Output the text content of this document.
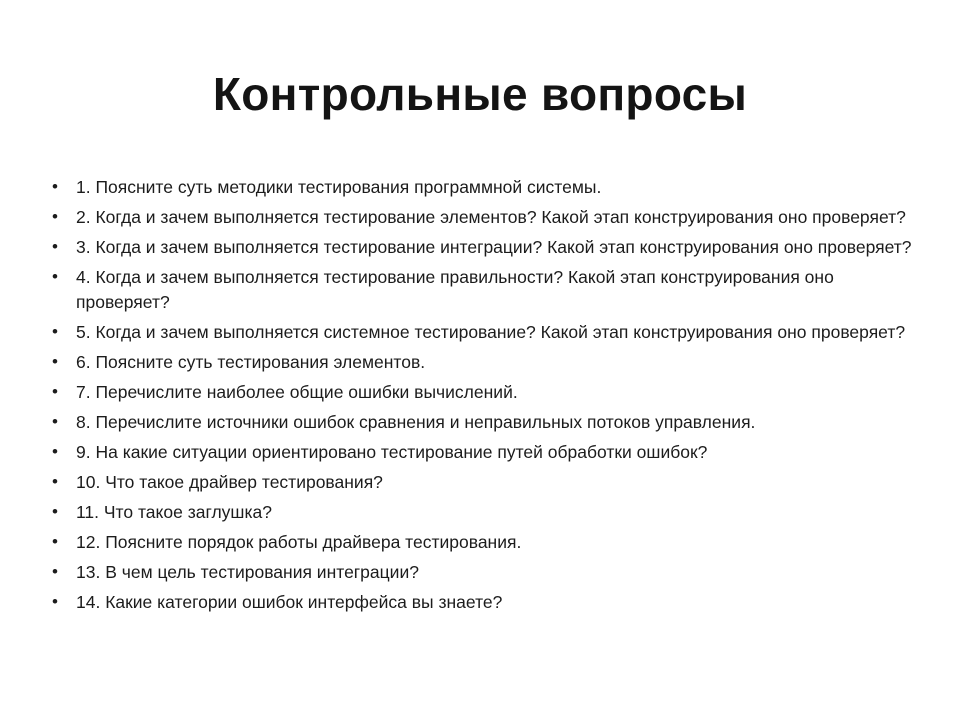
Контрольные вопросы
• 1. Поясните суть методики тестирования программной системы.
• 2. Когда и зачем выполняется тестирование элементов? Какой этап конструирования оно проверяет?
• 3. Когда и зачем выполняется тестирование интеграции? Какой этап конструирования оно проверяет?
• 4. Когда и зачем выполняется тестирование правильности? Какой этап конструирования оно проверяет?
• 5. Когда и зачем выполняется системное тестирование? Какой этап конструирования оно проверяет?
• 6. Поясните суть тестирования элементов.
• 7. Перечислите наиболее общие ошибки вычислений.
• 8. Перечислите источники ошибок сравнения и неправильных потоков управления.
• 9. На какие ситуации ориентировано тестирование путей обработки ошибок?
• 10. Что такое драйвер тестирования?
• 11. Что такое заглушка?
• 12. Поясните порядок работы драйвера тестирования.
• 13. В чем цель тестирования интеграции?
• 14. Какие категории ошибок интерфейса вы знаете?
